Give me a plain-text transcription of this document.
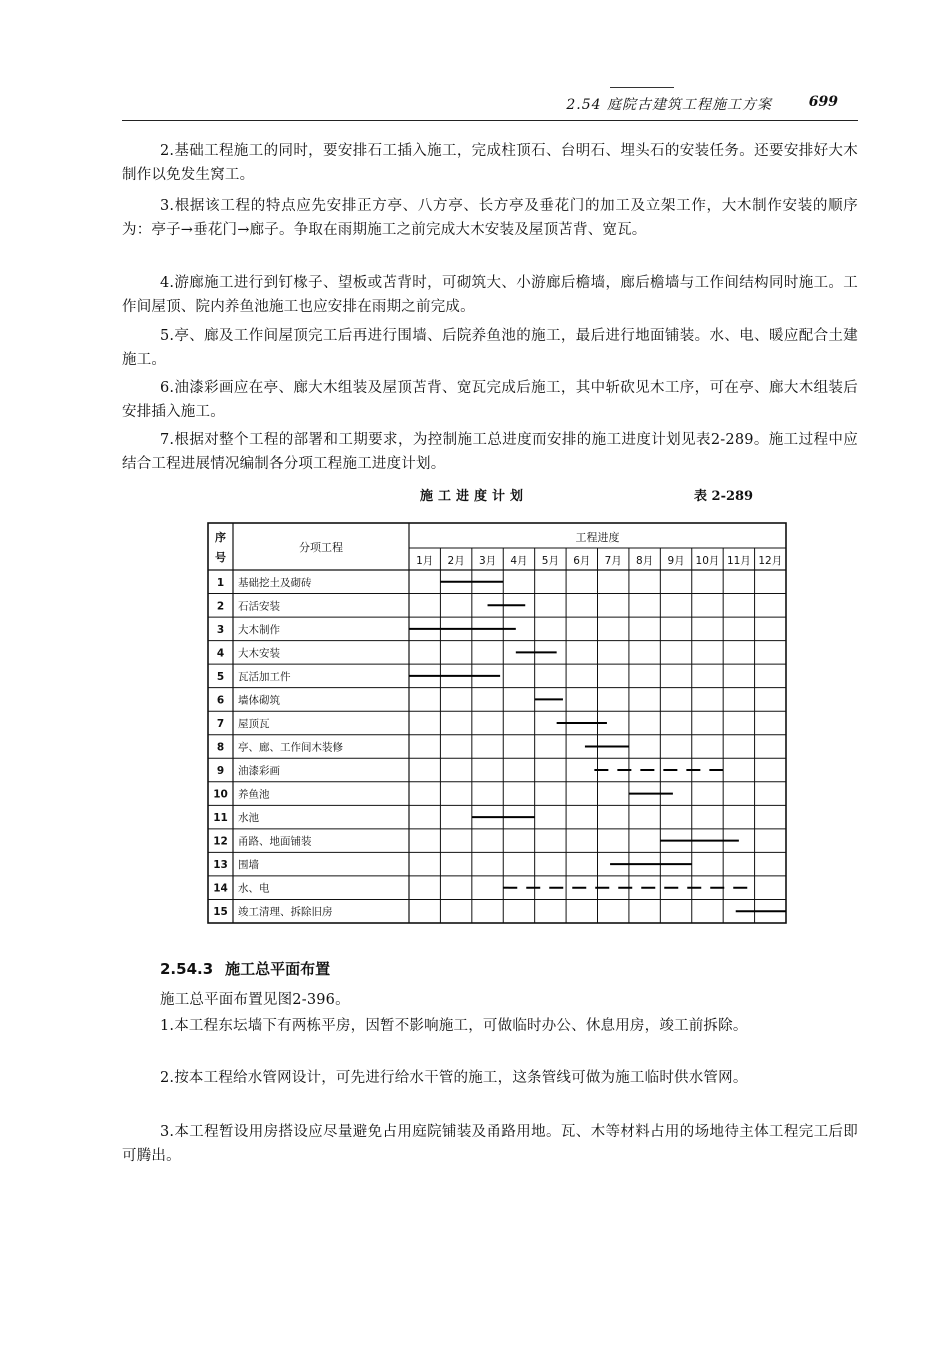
2.54 庭院古建筑工程施工方案	699
2.基础工程施工的同时，要安排石工插入施工，完成柱顶石、台明石、埋头石的安装任务。还要安排好大木制作以免发生窝工。
3.根据该工程的特点应先安排正方亭、八方亭、长方亭及垂花门的加工及立架工作，大木制作安装的顺序为：亭子→垂花门→廊子。争取在雨期施工之前完成大木安装及屋顶苫背、宽瓦。
4.游廊施工进行到钉椽子、望板或苫背时，可砌筑大、小游廊后檐墙，廊后檐墙与工作间结构同时施工。工作间屋顶、院内养鱼池施工也应安排在雨期之前完成。
5.亭、廊及工作间屋顶完工后再进行围墙、后院养鱼池的施工，最后进行地面铺装。水、电、暖应配合土建施工。
6.油漆彩画应在亭、廊大木组装及屋顶苫背、宽瓦完成后施工，其中斩砍见木工序，可在亭、廊大木组装后安排插入施工。
7.根据对整个工程的部署和工期要求，为控制施工总进度而安排的施工进度计划见表2-289。施工过程中应结合工程进展情况编制各分项工程施工进度计划。
施工进度计划	表 2-289
序
号
分项工程
工程进度
1月 2月 3月 4月 5月 6月 7月 8月 9月 10月 11月 12月
1 基础挖土及砌砖
2 石活安装
3 大木制作
4 大木安装
5 瓦活加工件
6 墙体砌筑
7 屋顶瓦
8 亭、廊、工作间木装修
9 油漆彩画
10 养鱼池
11 水池
12 甬路、地面铺装
13 围墙
14 水、电
15 竣工清理、拆除旧房
2.54.3 施工总平面布置
施工总平面布置见图2-396。
1.本工程东坛墙下有两栋平房，因暂不影响施工，可做临时办公、休息用房，竣工前拆除。
2.按本工程给水管网设计，可先进行给水干管的施工，这条管线可做为施工临时供水管网。
3.本工程暂设用房搭设应尽量避免占用庭院铺装及甬路用地。瓦、木等材料占用的场地待主体工程完工后即可腾出。
